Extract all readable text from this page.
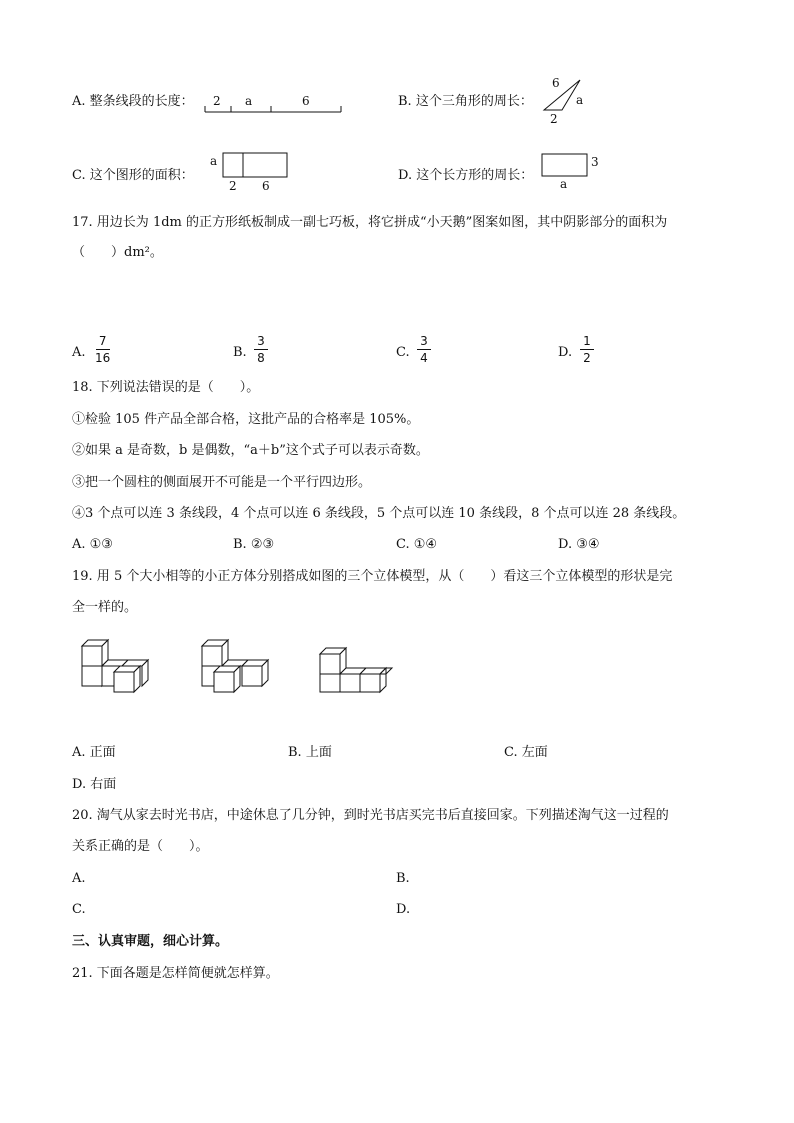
A. 整条线段的长度： 2 a	6	B. 这个三角形的周长：
6
a
2
C. 这个图形的面积：
a
2 6
D. 这个长方形的周长：
3
a
17. 用边长为 1dm 的正方形纸板制成一副七巧板，将它拼成“小天鹅”图案如图，其中阴影部分的面积为
（　　）dm²。
A.
7
16	B.
3
8	C.
3
4	D.
1
2
18. 下列说法错误的是（　　）。
①检验 105 件产品全部合格，这批产品的合格率是 105%。
②如果 a 是奇数，b 是偶数，“a＋b”这个式子可以表示奇数。
③把一个圆柱的侧面展开不可能是一个平行四边形。
④3 个点可以连 3 条线段，4 个点可以连 6 条线段，5 个点可以连 10 条线段，8 个点可以连 28 条线段。
A. ①③	B. ②③	C. ①④	D. ③④
19. 用 5 个大小相等的小正方体分别搭成如图的三个立体模型，从（　　）看这三个立体模型的形状是完
全一样的。
A. 正面	B. 上面	C. 左面
D. 右面
20. 淘气从家去时光书店，中途休息了几分钟，到时光书店买完书后直接回家。下列描述淘气这一过程的
关系正确的是（　　）。
A.	B.
C.	D.
三、认真审题，细心计算。
21. 下面各题是怎样简便就怎样算。
